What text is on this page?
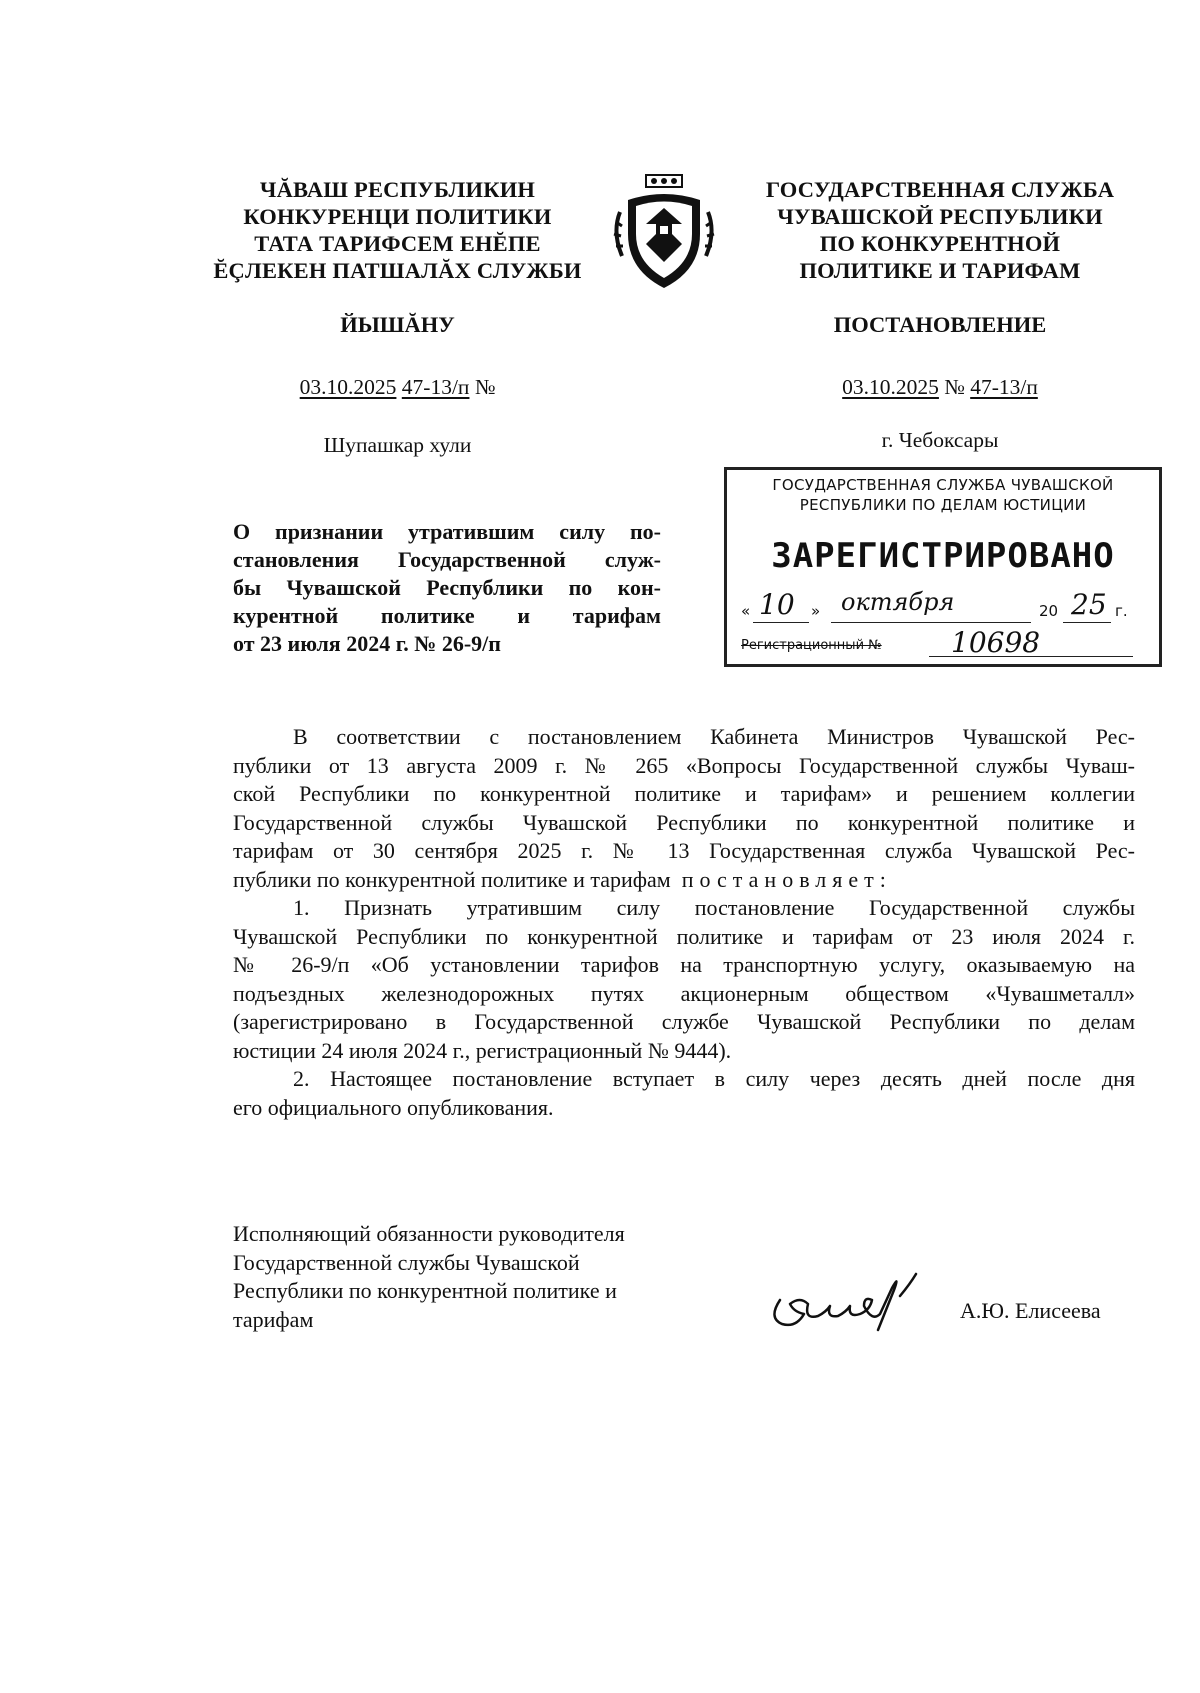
ЧĂВАШ РЕСПУБЛИКИН
КОНКУРЕНЦИ ПОЛИТИКИ
ТАТА ТАРИФСЕМ ЕНĔПЕ
ĔÇЛЕКЕН ПАТШАЛĂХ СЛУЖБИ
ГОСУДАРСТВЕННАЯ СЛУЖБА
ЧУВАШСКОЙ РЕСПУБЛИКИ
ПО КОНКУРЕНТНОЙ
ПОЛИТИКЕ И ТАРИФАМ
ЙЫШĂНУ	ПОСТАНОВЛЕНИЕ
03.10.2025 47-13/п №	03.10.2025 № 47-13/п
Шупашкар хули	г. Чебоксары
ГОСУДАРСТВЕННАЯ СЛУЖБА ЧУВАШСКОЙ
РЕСПУБЛИКИ ПО ДЕЛАМ ЮСТИЦИИ
ЗАРЕГИСТРИРОВАНО
« 10 » октября	20 25 г.
Регистрационный № 10698
О признании утратившим силу по-
становления Государственной служ-
бы Чувашской Республики по кон-
курентной политике и тарифам
от 23 июля 2024 г. № 26-9/п
В соответствии с постановлением Кабинета Министров Чувашской Рес-
публики от 13 августа 2009 г. № 265 «Вопросы Государственной службы Чуваш-
ской Республики по конкурентной политике и тарифам» и решением коллегии
Государственной службы Чувашской Республики по конкурентной политике и
тарифам от 30 сентября 2025 г. № 13 Государственная служба Чувашской Рес-
публики по конкурентной политике и тарифам постановляет:
1. Признать утратившим силу постановление Государственной службы
Чувашской Республики по конкурентной политике и тарифам от 23 июля 2024 г.
№ 26-9/п «Об установлении тарифов на транспортную услугу, оказываемую на
подъездных железнодорожных путях акционерным обществом «Чувашметалл»
(зарегистрировано в Государственной службе Чувашской Республики по делам
юстиции 24 июля 2024 г., регистрационный № 9444).
2. Настоящее постановление вступает в силу через десять дней после дня
его официального опубликования.
Исполняющий обязанности руководителя
Государственной службы Чувашской
Республики по конкурентной политике и
тарифам	А.Ю. Елисеева
